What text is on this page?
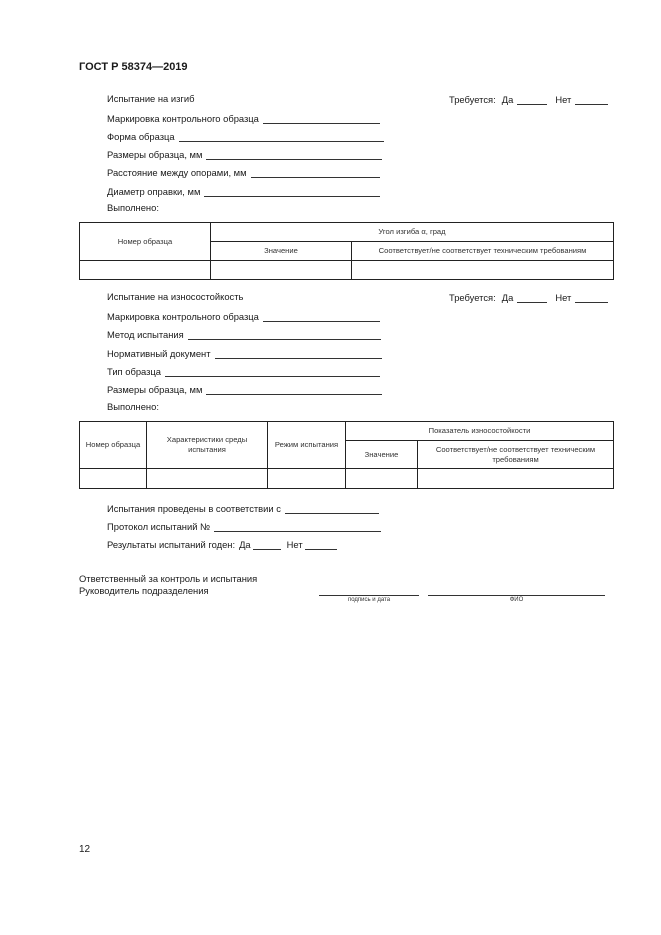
ГОСТ Р 58374—2019
Испытание на изгиб	Требуется: Да	Нет
Маркировка контрольного образца
Форма образца
Размеры образца, мм
Расстояние между опорами, мм
Диаметр оправки, мм
Выполнено:
Номер образца	Угол изгиба α, град	
	Значение	Соответствует/не соответствует техническим требованиям

Испытание на износостойкость	Требуется: Да	Нет
Маркировка контрольного образца
Метод испытания
Нормативный документ
Тип образца
Размеры образца, мм
Выполнено:
Номер образца	Характеристики среды испытания	Режим испытания	Показатель износостойкости	
			Значение	Соответствует/не соответствует техническим требованиям

Испытания проведены в соответствии с
Протокол испытаний №
Результаты испытаний годен: Да	Нет
Ответственный за контроль и испытания
Руководитель подразделения
подпись и дата	ФИО
12
